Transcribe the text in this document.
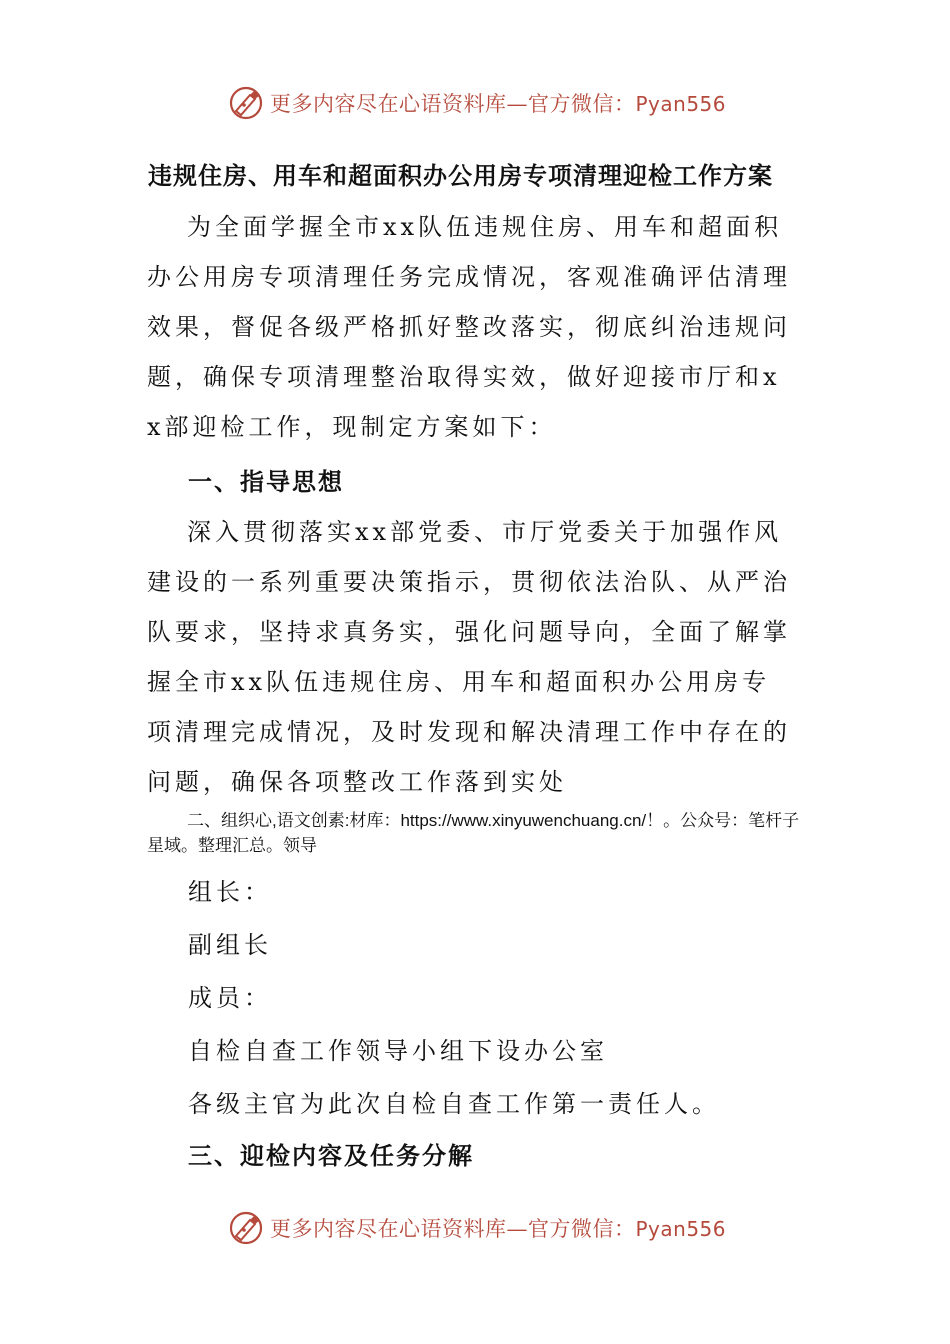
更多内容尽在心语资料库—官方微信：Pyan556
违规住房、用车和超面积办公用房专项清理迎检工作方案

为全面学握全市xx队伍违规住房、用车和超面积办公用房专项清理任务完成情况，客观准确评估清理效果，督促各级严格抓好整改落实，彻底纠治违规问题，确保专项清理整治取得实效，做好迎接市厅和xx部迎检工作，现制定方案如下：

一、指导思想

深入贯彻落实xx部党委、市厅党委关于加强作风建设的一系列重要决策指示，贯彻依法治队、从严治队要求，坚持求真务实，强化问题导向，全面了解掌握全市xx队伍违规住房、用车和超面积办公用房专项清理完成情况，及时发现和解决清理工作中存在的问题，确保各项整改工作落到实处

二、组织心,语文创素:材库：https://www.xinyuwenchuang.cn/！。公众号：笔杆子星域。整理汇总。领导

组长：
副组长
成员：
自检自查工作领导小组下设办公室
各级主官为此次自检自查工作第一责任人。
三、迎检内容及任务分解
更多内容尽在心语资料库—官方微信：Pyan556
